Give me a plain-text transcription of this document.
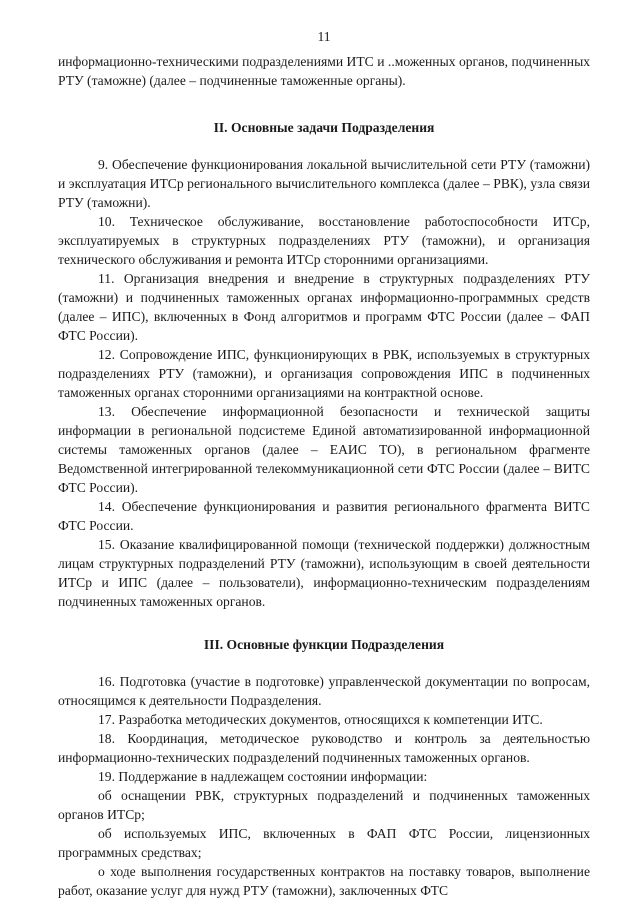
11

информационно-техническими подразделениями ИТС и ..моженных органов, подчиненных РТУ (таможне) (далее – подчиненные таможенные органы).

II. Основные задачи Подразделения

9. Обеспечение функционирования локальной вычислительной сети РТУ (таможни) и эксплуатация ИТСр регионального вычислительного комплекса (далее – РВК), узла связи РТУ (таможни).

10. Техническое обслуживание, восстановление работоспособности ИТСр, эксплуатируемых в структурных подразделениях РТУ (таможни), и организация технического обслуживания и ремонта ИТСр сторонними организациями.

11. Организация внедрения и внедрение в структурных подразделениях РТУ (таможни) и подчиненных таможенных органах информационно-программных средств (далее – ИПС), включенных в Фонд алгоритмов и программ ФТС России (далее – ФАП ФТС России).

12. Сопровождение ИПС, функционирующих в РВК, используемых в структурных подразделениях РТУ (таможни), и организация сопровождения ИПС в подчиненных таможенных органах сторонними организациями на контрактной основе.

13. Обеспечение информационной безопасности и технической защиты информации в региональной подсистеме Единой автоматизированной информационной системы таможенных органов (далее – ЕАИС ТО), в региональном фрагменте Ведомственной интегрированной телекоммуникационной сети ФТС России (далее – ВИТС ФТС России).

14. Обеспечение функционирования и развития регионального фрагмента ВИТС ФТС России.

15. Оказание квалифицированной помощи (технической поддержки) должностным лицам структурных подразделений РТУ (таможни), использующим в своей деятельности ИТСр и ИПС (далее – пользователи), информационно-техническим подразделениям подчиненных таможенных органов.

III. Основные функции Подразделения

16. Подготовка (участие в подготовке) управленческой документации по вопросам, относящимся к деятельности Подразделения.

17. Разработка методических документов, относящихся к компетенции ИТС.

18. Координация, методическое руководство и контроль за деятельностью информационно-технических подразделений подчиненных таможенных органов.

19. Поддержание в надлежащем состоянии информации:

об оснащении РВК, структурных подразделений и подчиненных таможенных органов ИТСр;

об используемых ИПС, включенных в ФАП ФТС России, лицензионных программных средствах;

о ходе выполнения государственных контрактов на поставку товаров, выполнение работ, оказание услуг для нужд РТУ (таможни), заключенных ФТС
